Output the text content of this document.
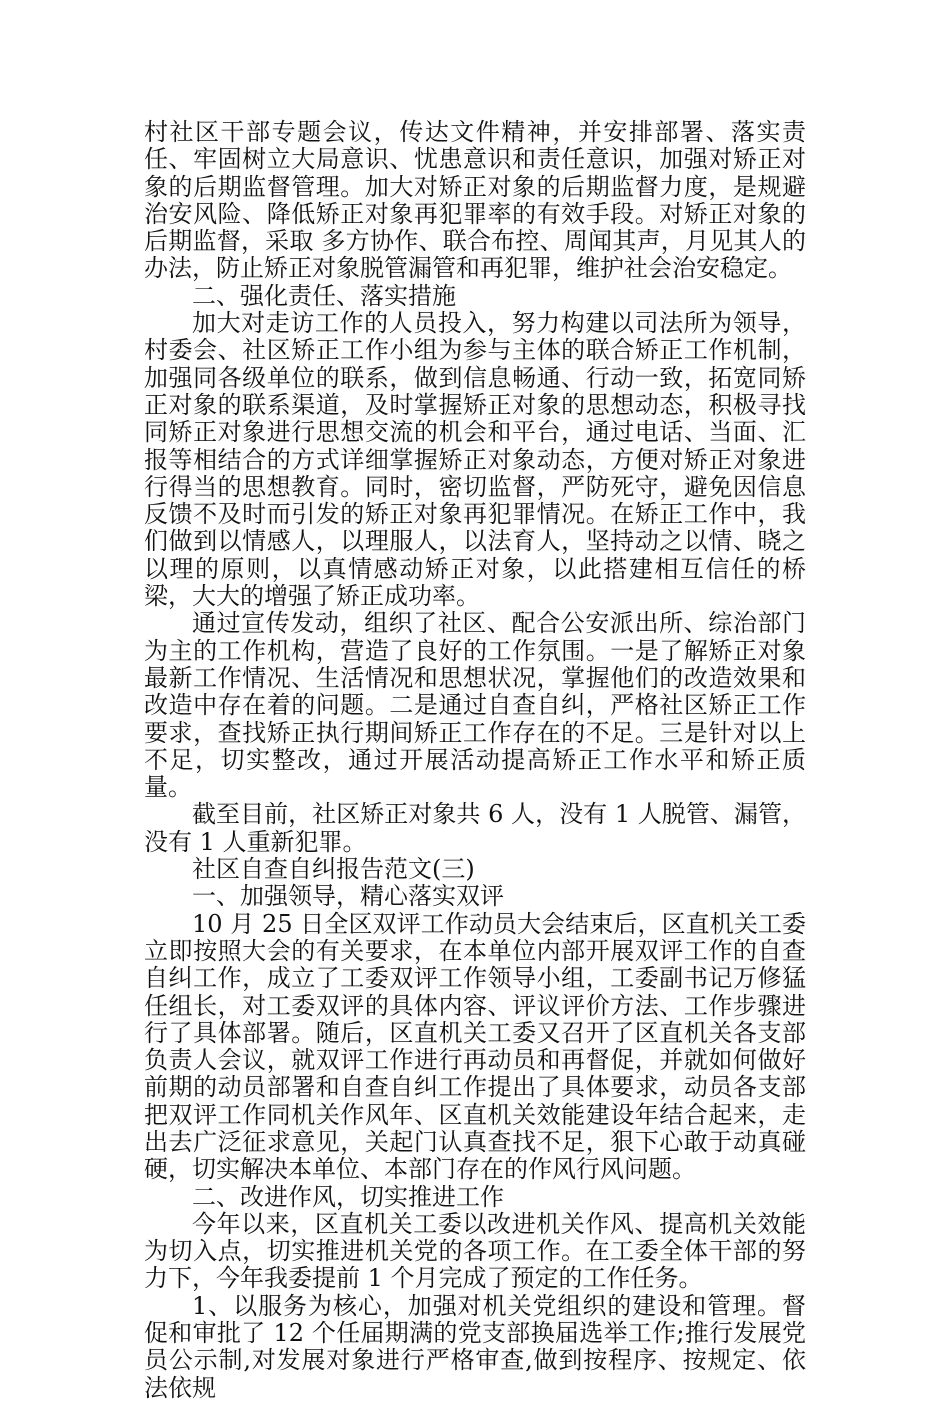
村社区干部专题会议，传达文件精神，并安排部署、落实责任、牢固树立大局意识、忧患意识和责任意识，加强对矫正对象的后期监督管理。加大对矫正对象的后期监督力度，是规避治安风险、降低矫正对象再犯罪率的有效手段。对矫正对象的后期监督，采取 多方协作、联合布控、周闻其声，月见其人的办法，防止矫正对象脱管漏管和再犯罪，维护社会治安稳定。

二、强化责任、落实措施

加大对走访工作的人员投入，努力构建以司法所为领导，村委会、社区矫正工作小组为参与主体的联合矫正工作机制，加强同各级单位的联系，做到信息畅通、行动一致，拓宽同矫正对象的联系渠道，及时掌握矫正对象的思想动态，积极寻找同矫正对象进行思想交流的机会和平台，通过电话、当面、汇报等相结合的方式详细掌握矫正对象动态，方便对矫正对象进行得当的思想教育。同时，密切监督，严防死守，避免因信息反馈不及时而引发的矫正对象再犯罪情况。在矫正工作中，我们做到以情感人，以理服人，以法育人，坚持动之以情、晓之以理的原则，以真情感动矫正对象，以此搭建相互信任的桥梁，大大的增强了矫正成功率。

通过宣传发动，组织了社区、配合公安派出所、综治部门为主的工作机构，营造了良好的工作氛围。一是了解矫正对象最新工作情况、生活情况和思想状况，掌握他们的改造效果和改造中存在着的问题。二是通过自查自纠，严格社区矫正工作要求，查找矫正执行期间矫正工作存在的不足。三是针对以上不足，切实整改，通过开展活动提高矫正工作水平和矫正质量。

截至目前，社区矫正对象共 6 人，没有 1 人脱管、漏管，没有 1 人重新犯罪。

社区自查自纠报告范文(三)

一、加强领导，精心落实双评

10 月 25 日全区双评工作动员大会结束后，区直机关工委立即按照大会的有关要求，在本单位内部开展双评工作的自查自纠工作，成立了工委双评工作领导小组，工委副书记万修猛任组长，对工委双评的具体内容、评议评价方法、工作步骤进行了具体部署。随后，区直机关工委又召开了区直机关各支部负责人会议，就双评工作进行再动员和再督促，并就如何做好前期的动员部署和自查自纠工作提出了具体要求，动员各支部把双评工作同机关作风年、区直机关效能建设年结合起来，走出去广泛征求意见，关起门认真查找不足，狠下心敢于动真碰硬，切实解决本单位、本部门存在的作风行风问题。

二、改进作风，切实推进工作

今年以来，区直机关工委以改进机关作风、提高机关效能为切入点，切实推进机关党的各项工作。在工委全体干部的努力下，今年我委提前 1 个月完成了预定的工作任务。

1、以服务为核心，加强对机关党组织的建设和管理。督促和审批了 12 个任届期满的党支部换届选举工作;推行发展党员公示制,对发展对象进行严格审查,做到按程序、按规定、依法依规
